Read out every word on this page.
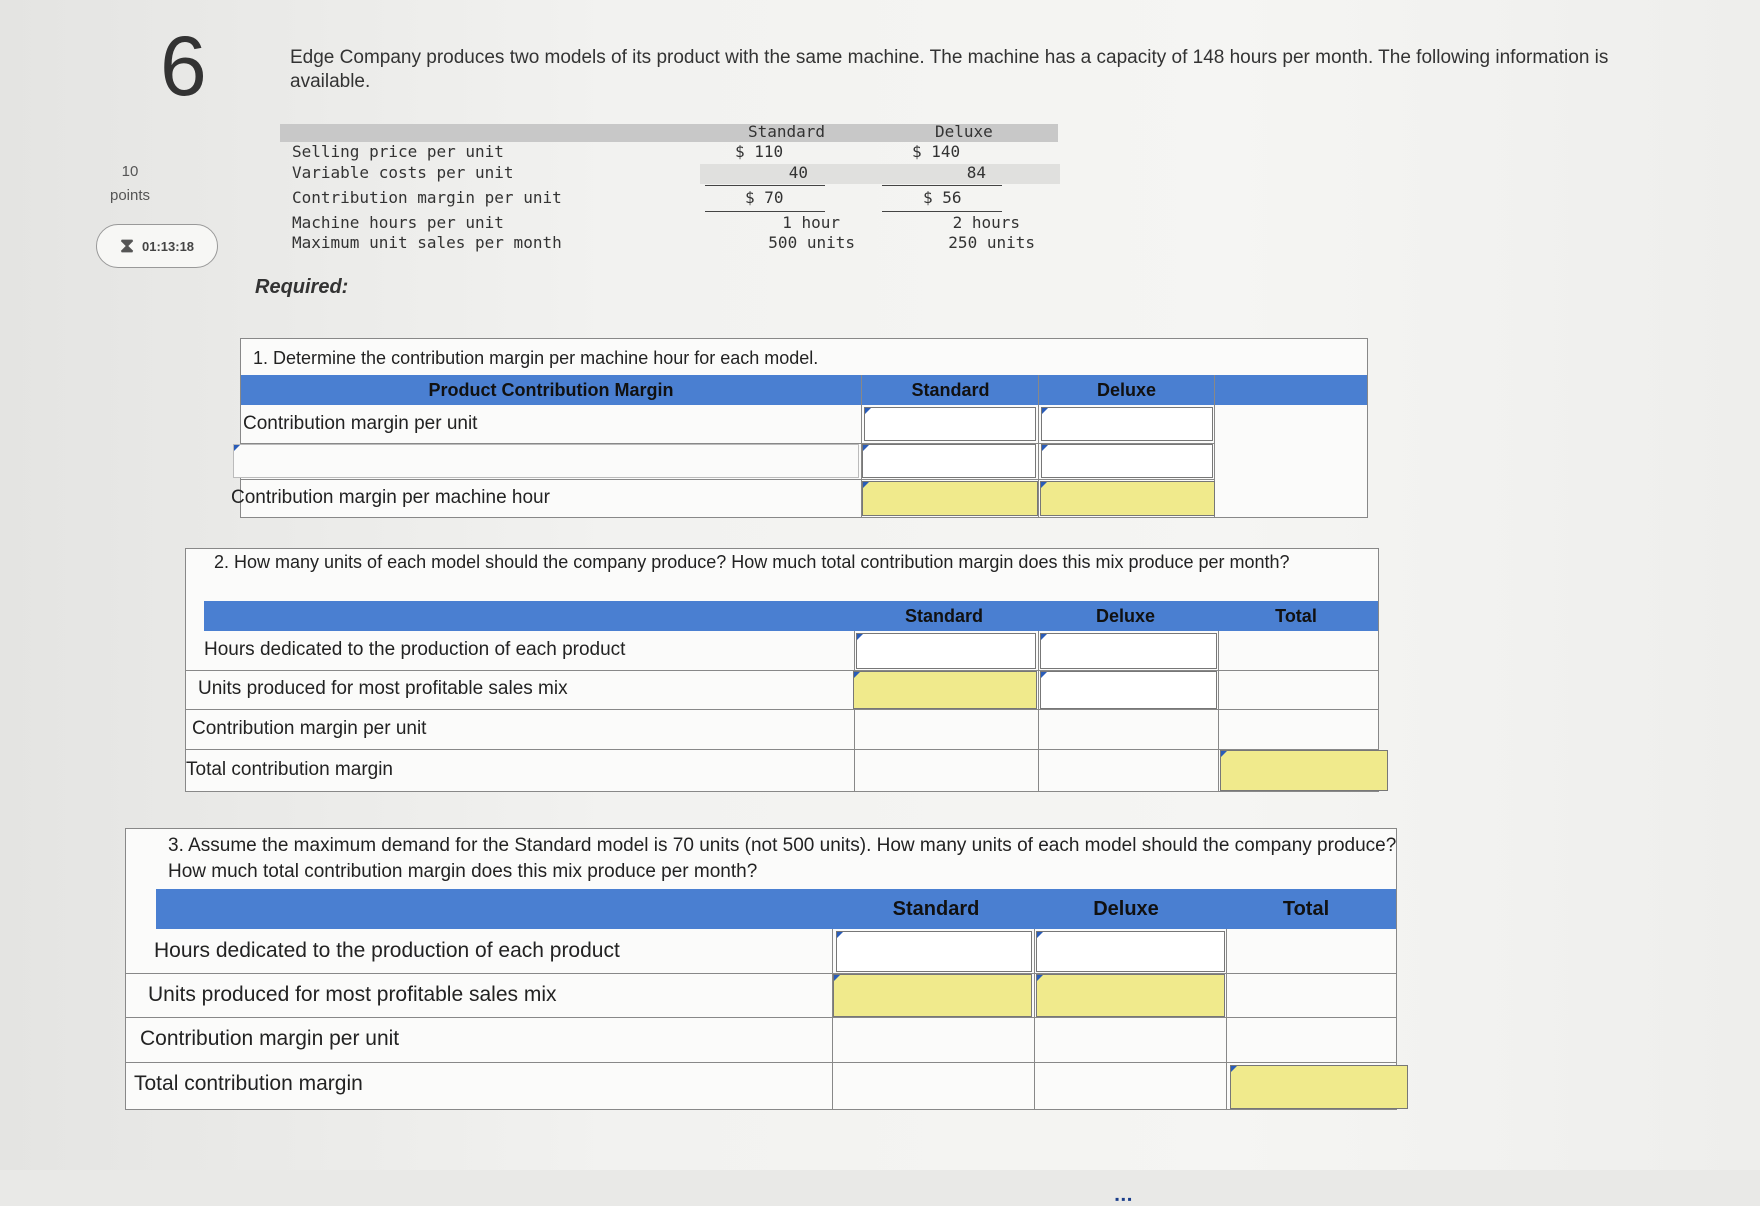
6
10
points
⧗ 01:13:18
Edge Company produces two models of its product with the same machine. The machine has a capacity of 148 hours per month. The following information is available.
Standard	Deluxe
Selling price per unit	$ 110	$ 140
Variable costs per unit	40	84
Contribution margin per unit	$ 70	$ 56
Machine hours per unit	1 hour	2 hours
Maximum unit sales per month	500 units	250 units
Required:
1. Determine the contribution margin per machine hour for each model.
Product Contribution Margin	Standard	Deluxe
Contribution margin per unit
Contribution margin per machine hour
2. How many units of each model should the company produce? How much total contribution margin does this mix produce per month?
Standard	Deluxe	Total
Hours dedicated to the production of each product
Units produced for most profitable sales mix
Contribution margin per unit
Total contribution margin
3. Assume the maximum demand for the Standard model is 70 units (not 500 units). How many units of each model should the company produce? How much total contribution margin does this mix produce per month?
Standard	Deluxe	Total
Hours dedicated to the production of each product
Units produced for most profitable sales mix
Contribution margin per unit
Total contribution margin
▪▪▪
